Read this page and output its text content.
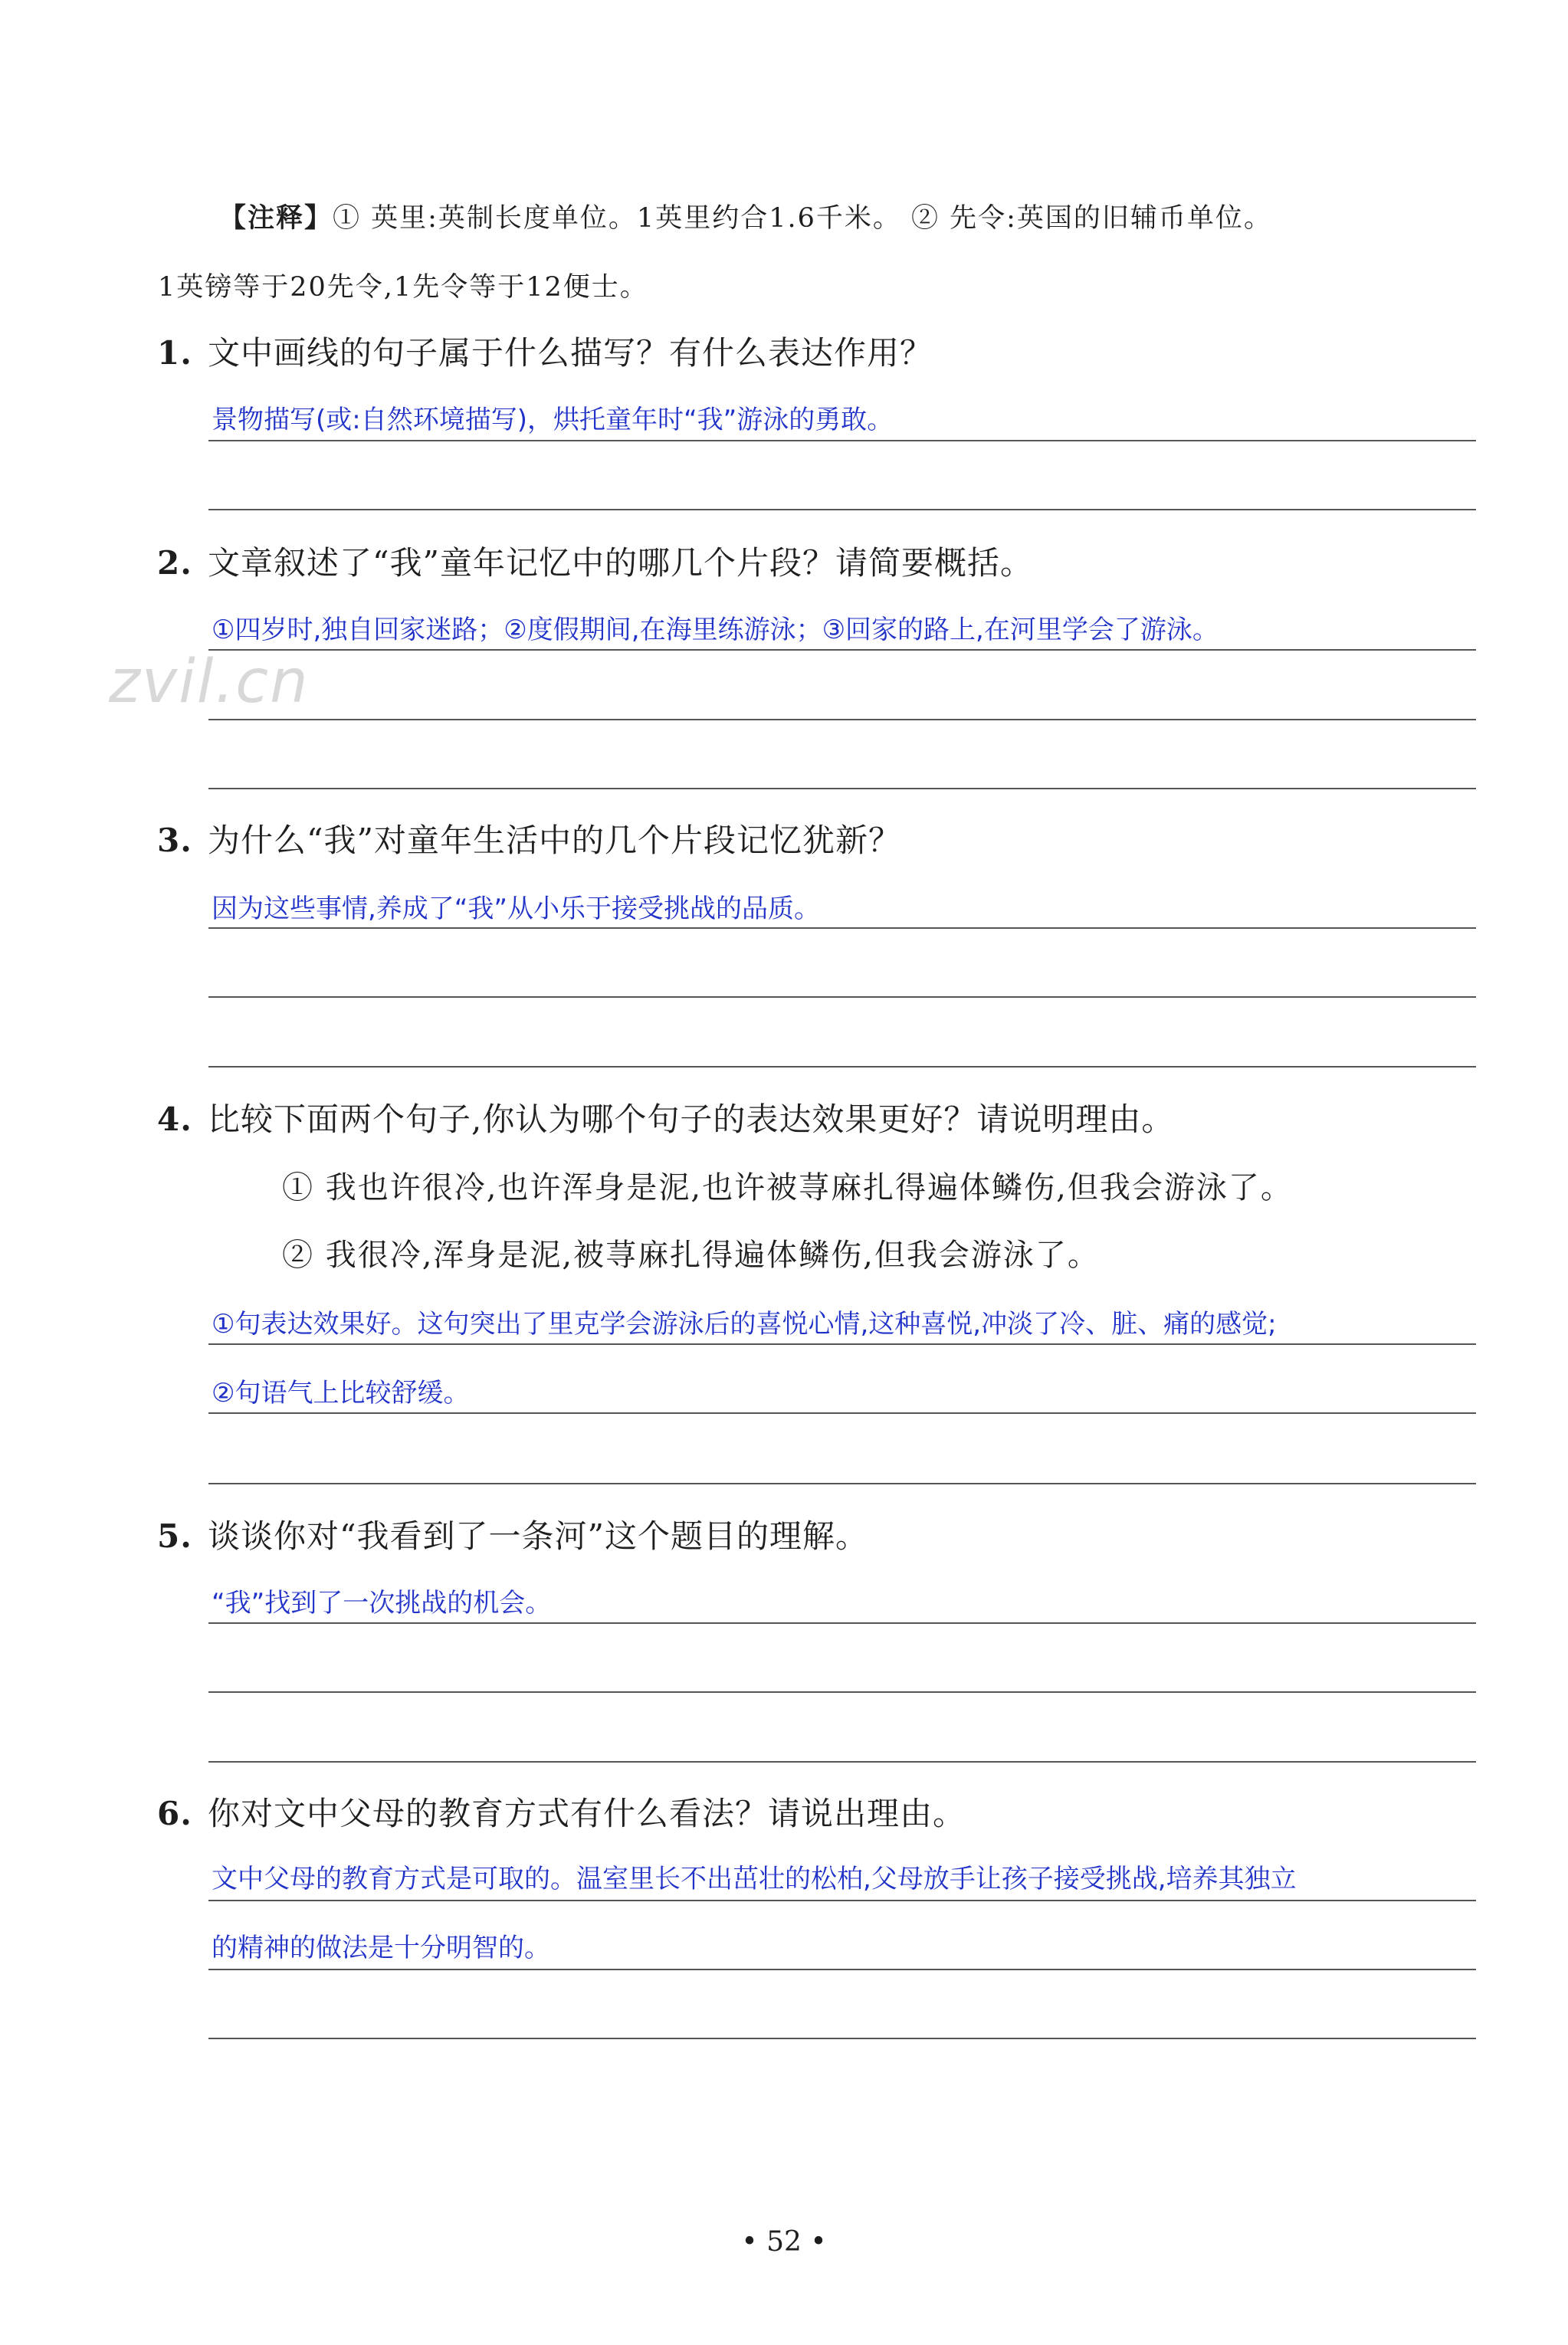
【注释】① 英里:英制长度单位。1英里约合1.6千米。 ② 先令:英国的旧辅币单位。
1英镑等于20先令,1先令等于12便士。
1. 文中画线的句子属于什么描写？有什么表达作用？
景物描写(或:自然环境描写)，烘托童年时“我”游泳的勇敢。
2. 文章叙述了“我”童年记忆中的哪几个片段？请简要概括。
①四岁时,独自回家迷路；②度假期间,在海里练游泳；③回家的路上,在河里学会了游泳。
zvil.cn
3. 为什么“我”对童年生活中的几个片段记忆犹新？
因为这些事情,养成了“我”从小乐于接受挑战的品质。
4. 比较下面两个句子,你认为哪个句子的表达效果更好？请说明理由。
① 我也许很冷,也许浑身是泥,也许被荨麻扎得遍体鳞伤,但我会游泳了。
② 我很冷,浑身是泥,被荨麻扎得遍体鳞伤,但我会游泳了。
①句表达效果好。这句突出了里克学会游泳后的喜悦心情,这种喜悦,冲淡了冷、脏、痛的感觉;
②句语气上比较舒缓。
5. 谈谈你对“我看到了一条河”这个题目的理解。
“我”找到了一次挑战的机会。
6. 你对文中父母的教育方式有什么看法？请说出理由。
文中父母的教育方式是可取的。温室里长不出茁壮的松柏,父母放手让孩子接受挑战,培养其独立
的精神的做法是十分明智的。
• 52 •
